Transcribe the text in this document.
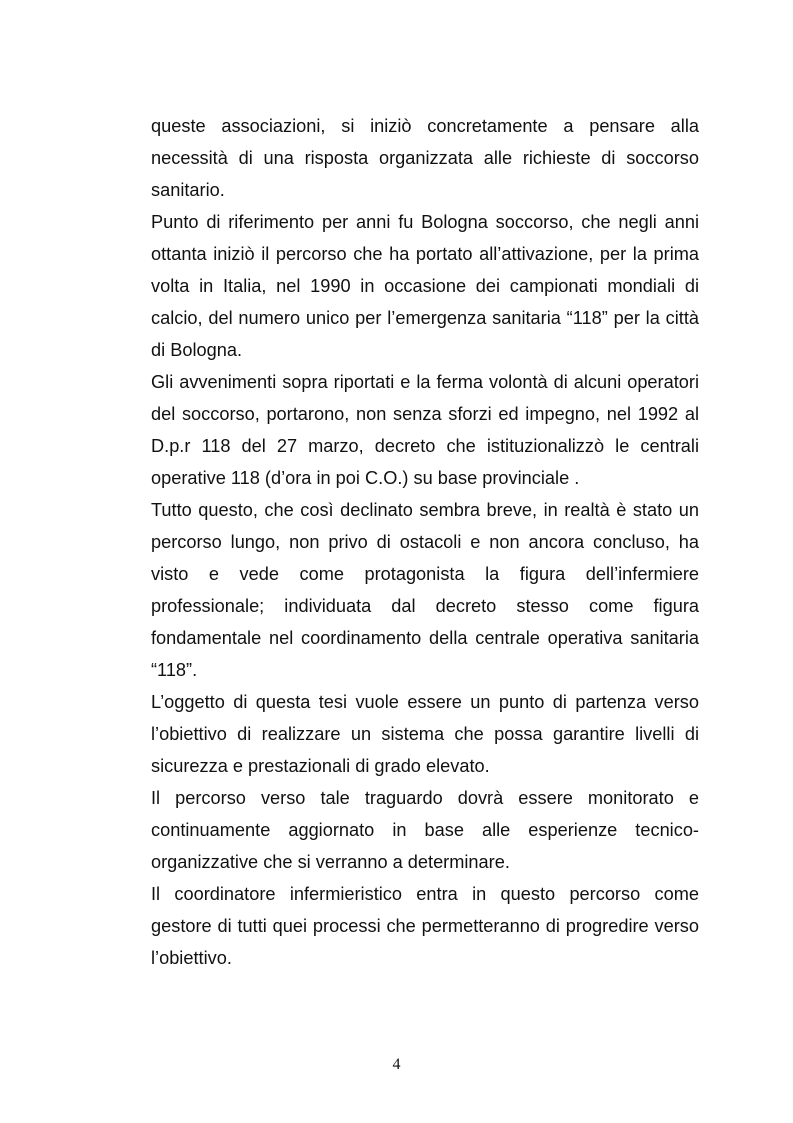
queste associazioni, si iniziò concretamente a pensare alla necessità di una risposta organizzata alle richieste di soccorso sanitario.

Punto di riferimento per anni fu Bologna soccorso, che negli anni ottanta iniziò il percorso che ha portato all’attivazione, per la prima volta in Italia, nel 1990 in occasione dei campionati mondiali di calcio, del numero unico per l’emergenza sanitaria “118” per la città di Bologna.

Gli avvenimenti sopra riportati e la ferma volontà di alcuni operatori del soccorso, portarono, non senza sforzi ed impegno, nel 1992 al D.p.r 118 del 27 marzo, decreto che istituzionalizzò le centrali operative 118 (d’ora in poi C.O.) su base provinciale .

Tutto questo, che così declinato sembra breve, in realtà è stato un percorso lungo, non privo di ostacoli e non ancora concluso, ha visto e vede come protagonista la figura dell’infermiere professionale; individuata dal decreto stesso come figura fondamentale nel coordinamento della centrale operativa sanitaria “118”.

L’oggetto di questa tesi vuole essere un punto di partenza verso l’obiettivo di realizzare un sistema che possa garantire livelli di sicurezza e prestazionali di grado elevato.

Il percorso verso tale traguardo dovrà essere monitorato e continuamente aggiornato in base alle esperienze tecnico-organizzative che si verranno a determinare.

Il coordinatore infermieristico entra in questo percorso come gestore di tutti quei processi che permetteranno di progredire verso l’obiettivo.

4
